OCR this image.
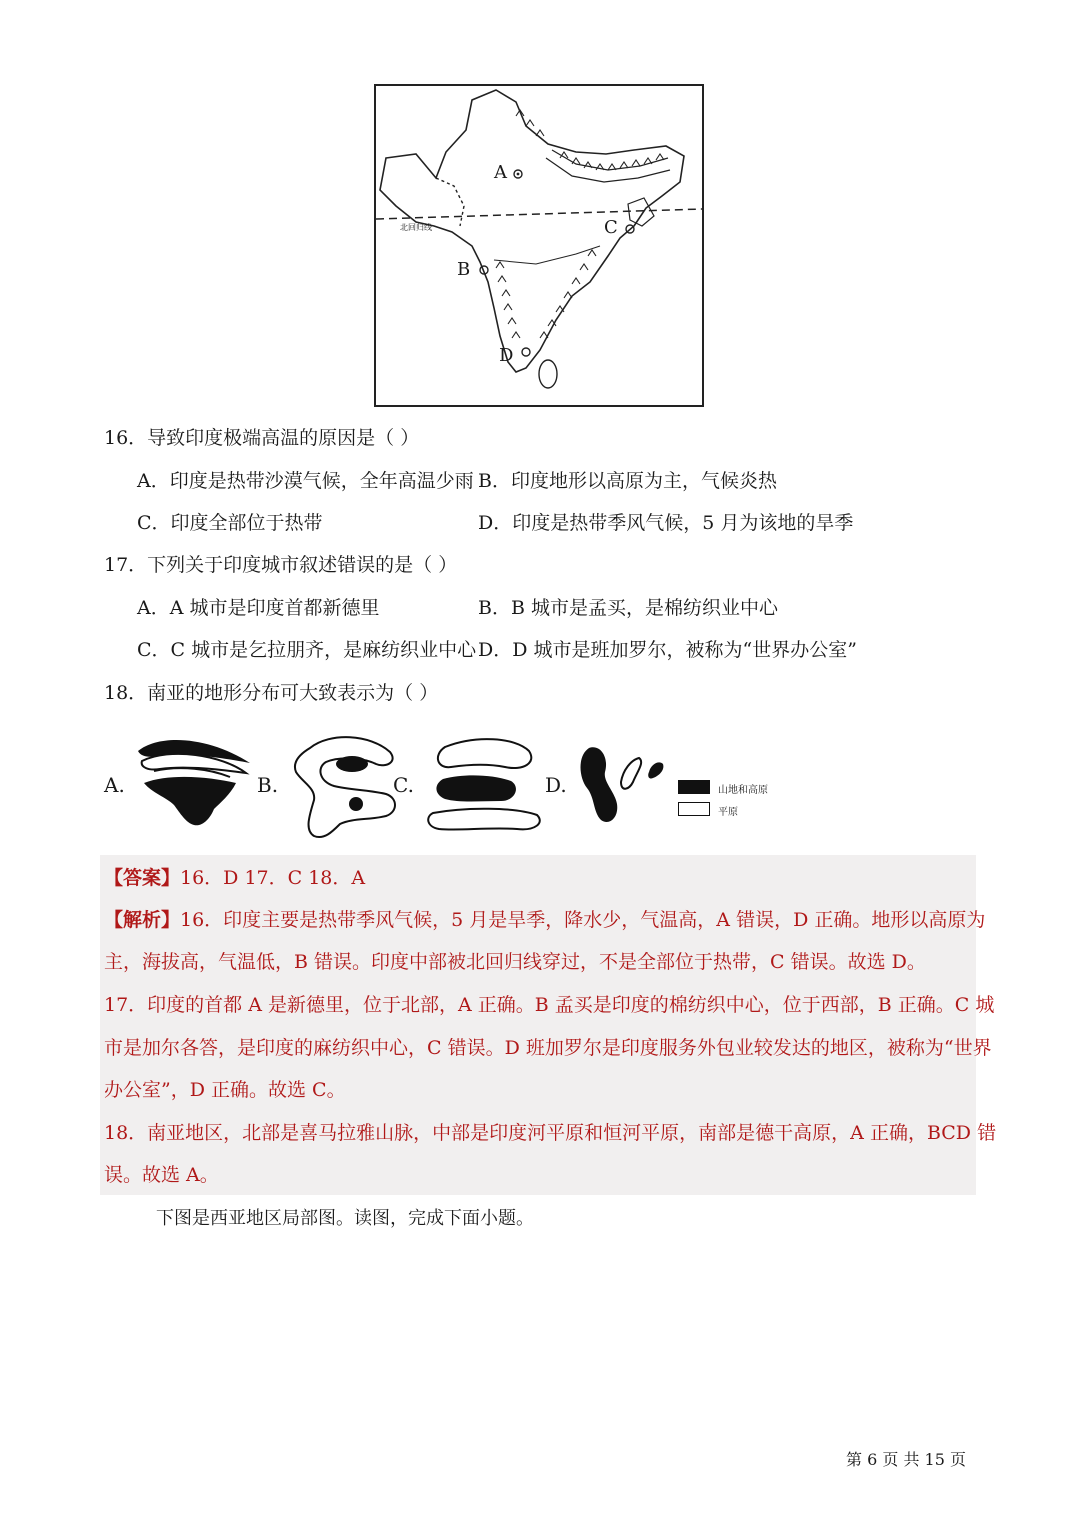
A
B
C
D
北回归线
16．导致印度极端高温的原因是（ ）
A．印度是热带沙漠气候，全年高温少雨 B．印度地形以高原为主，气候炎热
C．印度全部位于热带	D．印度是热带季风气候，5 月为该地的旱季
17．下列关于印度城市叙述错误的是（ ）
A．A 城市是印度首都新德里	B．B 城市是孟买，是棉纺织业中心
C．C 城市是乞拉朋齐，是麻纺织业中心 D．D 城市是班加罗尔，被称为“世界办公室”
18．南亚的地形分布可大致表示为（ ）
A.	B.	C.	D.	山地和高原
平原
【答案】 16．D 17．C 18．A
【解析】 16．印度主要是热带季风气候，5 月是旱季，降水少，气温高，A 错误，D 正确。地形以高原为
主，海拔高，气温低，B 错误。印度中部被北回归线穿过，不是全部位于热带，C 错误。故选 D。
17．印度的首都 A 是新德里，位于北部，A 正确。B 孟买是印度的棉纺织中心，位于西部，B 正确。C 城
市是加尔各答，是印度的麻纺织中心，C 错误。D 班加罗尔是印度服务外包业较发达的地区，被称为“世界
办公室”，D 正确。故选 C。
18．南亚地区，北部是喜马拉雅山脉，中部是印度河平原和恒河平原，南部是德干高原，A 正确，BCD 错
误。故选 A。
下图是西亚地区局部图。读图，完成下面小题。
第 6 页 共 15 页
